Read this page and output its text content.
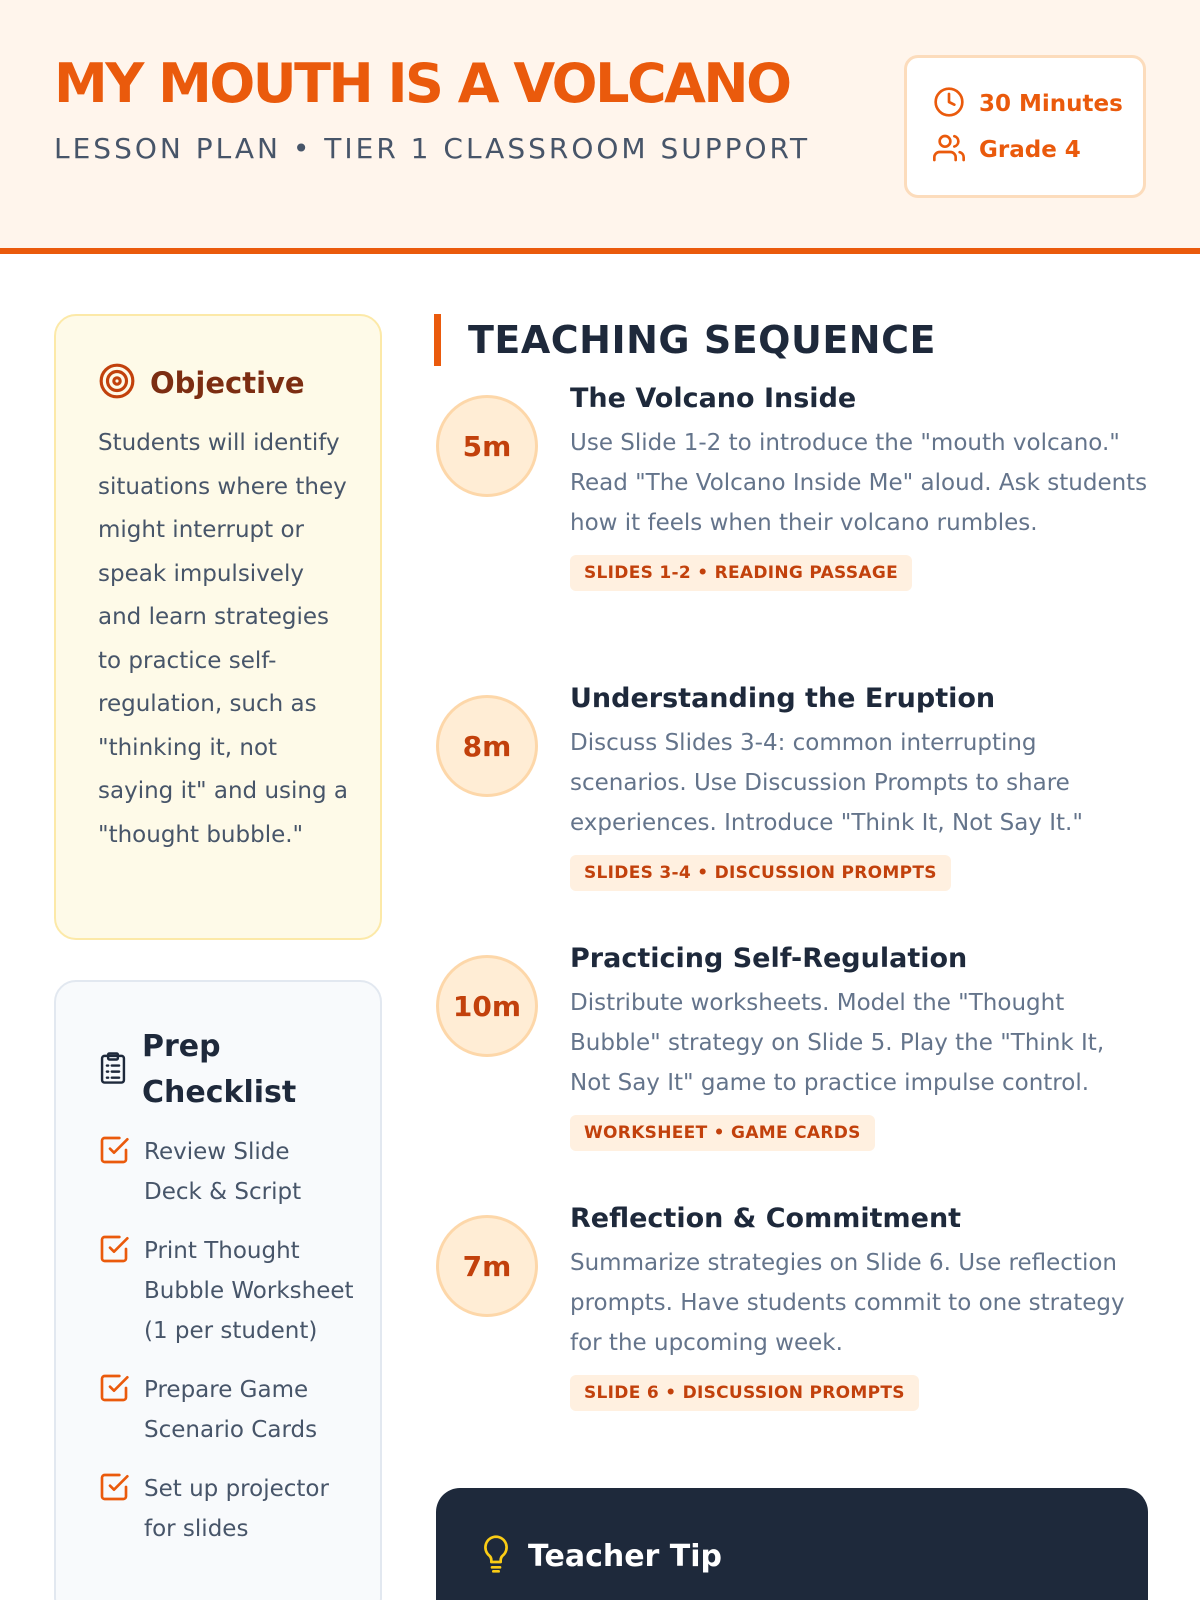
MY MOUTH IS A VOLCANO
LESSON PLAN • TIER 1 CLASSROOM SUPPORT
30 Minutes
Grade 4
Objective
Students will identify situations where they might interrupt or speak impulsively and learn strategies to practice self-regulation, such as "thinking it, not saying it" and using a "thought bubble."
Prep Checklist
Review Slide Deck & Script
Print Thought Bubble Worksheet (1 per student)
Prepare Game Scenario Cards
Set up projector for slides
TEACHING SEQUENCE
5m
The Volcano Inside
Use Slide 1-2 to introduce the "mouth volcano." Read "The Volcano Inside Me" aloud. Ask students how it feels when their volcano rumbles.
SLIDES 1-2 • READING PASSAGE
8m
Understanding the Eruption
Discuss Slides 3-4: common interrupting scenarios. Use Discussion Prompts to share experiences. Introduce "Think It, Not Say It."
SLIDES 3-4 • DISCUSSION PROMPTS
10m
Practicing Self-Regulation
Distribute worksheets. Model the "Thought Bubble" strategy on Slide 5. Play the "Think It, Not Say It" game to practice impulse control.
WORKSHEET • GAME CARDS
7m
Reflection & Commitment
Summarize strategies on Slide 6. Use reflection prompts. Have students commit to one strategy for the upcoming week.
SLIDE 6 • DISCUSSION PROMPTS
Teacher Tip
